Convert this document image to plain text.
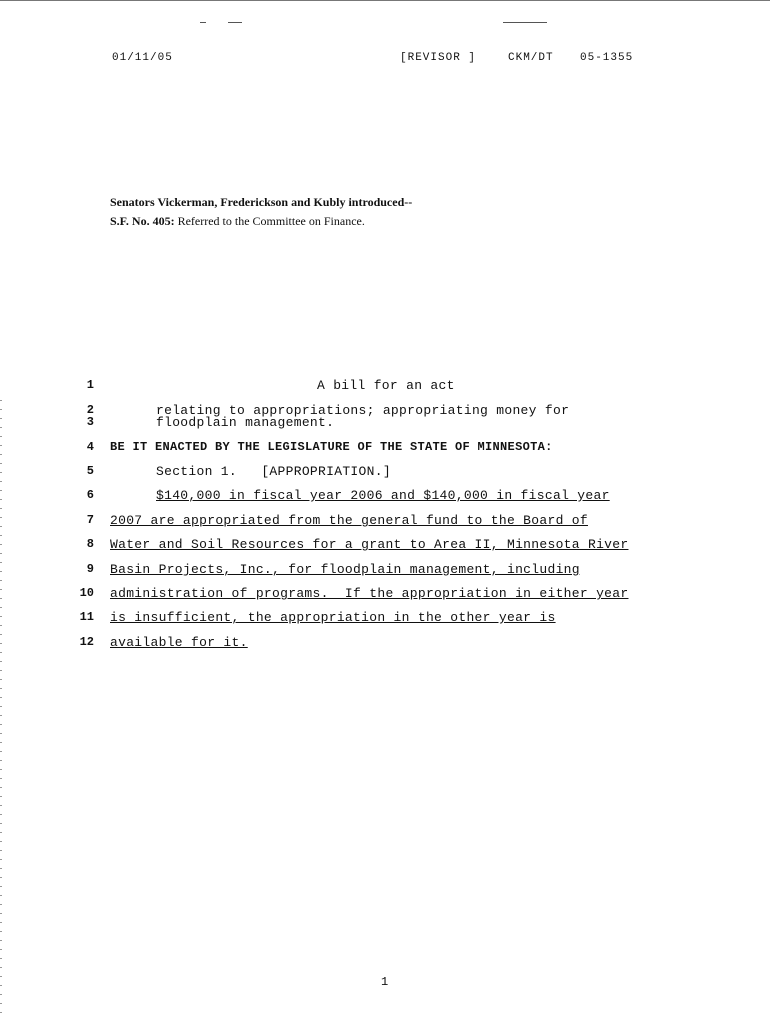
01/11/05	[REVISOR ]	CKM/DT 05-1355
Senators Vickerman, Frederickson and Kubly introduced--
S.F. No. 405: Referred to the Committee on Finance.
1
2
3
4
5
6
7
8
9
10
11
12
A bill for an act
relating to appropriations; appropriating money for
floodplain management.
BE IT ENACTED BY THE LEGISLATURE OF THE STATE OF MINNESOTA:
Section 1.   [APPROPRIATION.]
$140,000 in fiscal year 2006 and $140,000 in fiscal year
2007 are appropriated from the general fund to the Board of
Water and Soil Resources for a grant to Area II, Minnesota River
Basin Projects, Inc., for floodplain management, including
administration of programs.  If the appropriation in either year
is insufficient, the appropriation in the other year is
available for it.
1
